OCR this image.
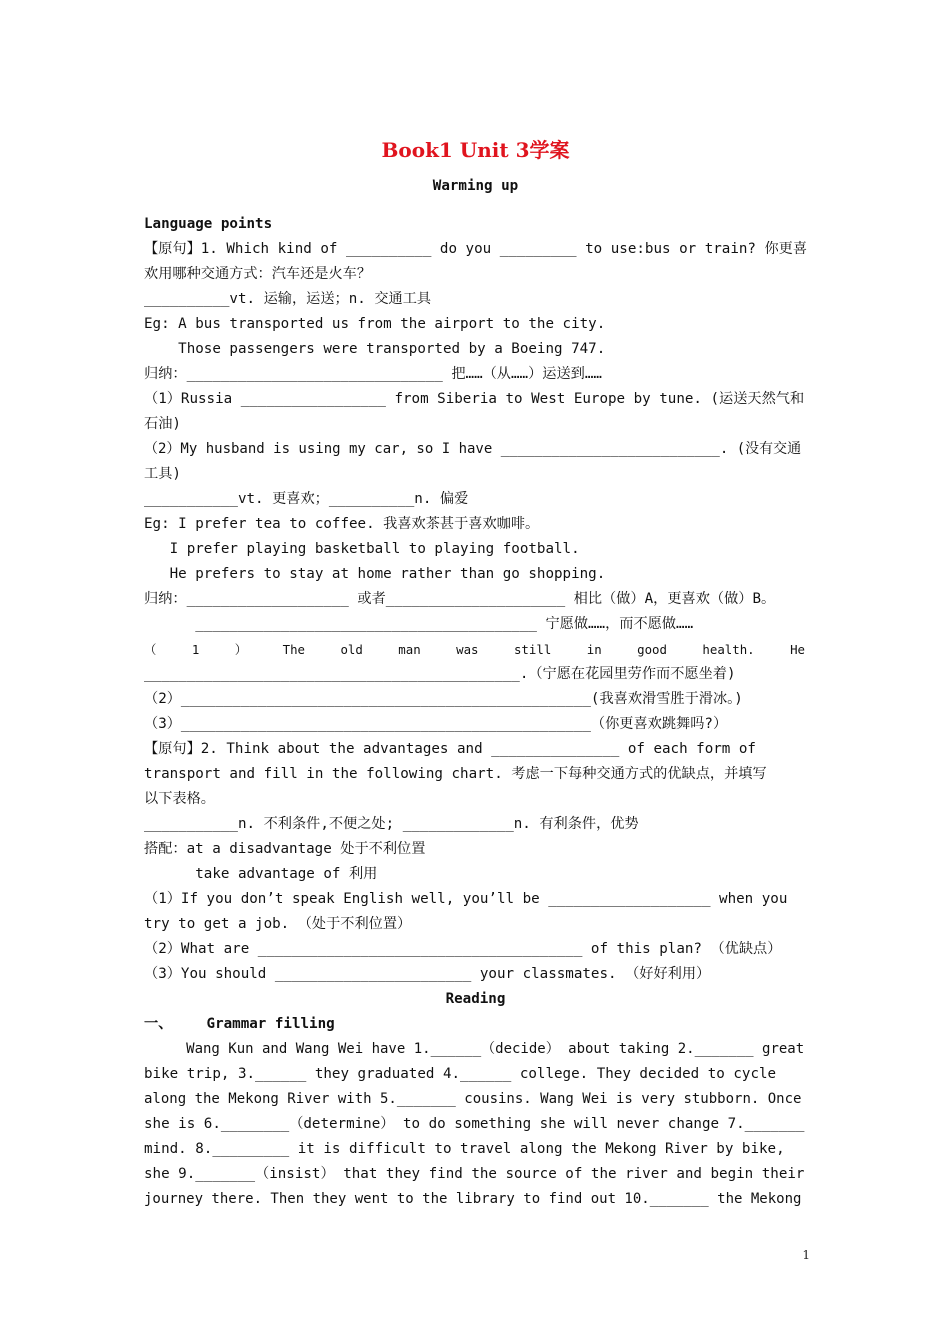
Book1 Unit 3学案
Warming up
Language points
【原句】1. Which kind of __________ do you _________ to use:bus or train? 你更喜
欢用哪种交通方式：汽车还是火车？
__________vt. 运输，运送；n. 交通工具
Eg: A bus transported us from the airport to the city.
Those passengers were transported by a Boeing 747.
归纳：______________________________ 把……（从……）运送到……
（1）Russia _________________ from Siberia to West Europe by tune. (运送天然气和
石油)
（2）My husband is using my car, so I have __________________________. (没有交通
工具)
___________vt. 更喜欢；__________n. 偏爱
Eg: I prefer tea to coffee. 我喜欢茶甚于喜欢咖啡。
I prefer playing basketball to playing football.
He prefers to stay at home rather than go shopping.
归纳：___________________ 或者_____________________ 相比（做）A，更喜欢（做）B。
________________________________________ 宁愿做……，而不愿做……
（ 1 ） The old man was still in good health. He
____________________________________________.（宁愿在花园里劳作而不愿坐着)
（2）________________________________________________(我喜欢滑雪胜于滑冰。)
（3）________________________________________________（你更喜欢跳舞吗?）
【原句】2. Think about the advantages and _______________ of each form of
transport and fill in the following chart. 考虑一下每种交通方式的优缺点，并填写
以下表格。
___________n. 不利条件,不便之处; _____________n. 有利条件，优势
搭配：at a disadvantage 处于不利位置
take advantage of 利用
（1）If you don’t speak English well, you’ll be ___________________ when you
try to get a job. （处于不利位置）
（2）What are ______________________________________ of this plan? （优缺点）
（3）You should _______________________ your classmates. （好好利用）
Reading
一、    Grammar filling
Wang Kun and Wang Wei have 1.______（decide） about taking 2._______ great
bike trip, 3.______ they graduated 4.______ college. They decided to cycle
along the Mekong River with 5._______ cousins. Wang Wei is very stubborn. Once
she is 6.________（determine） to do something she will never change 7._______
mind. 8._________ it is difficult to travel along the Mekong River by bike,
she 9._______（insist） that they find the source of the river and begin their
journey there. Then they went to the library to find out 10._______ the Mekong
1
